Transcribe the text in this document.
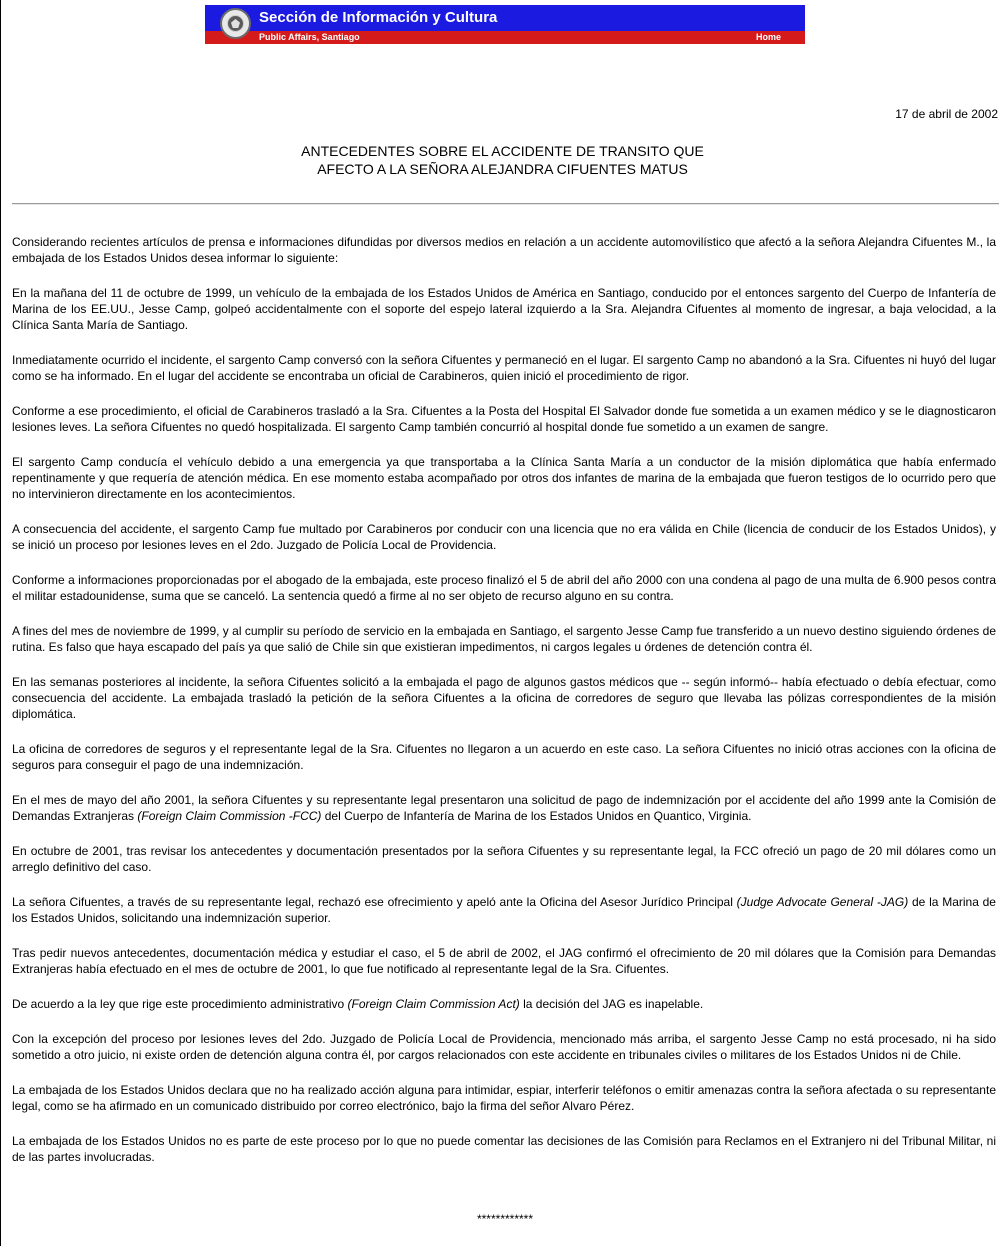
Sección de Información y Cultura
Public Affairs, Santiago	Home
17 de abril de 2002
ANTECEDENTES SOBRE EL ACCIDENTE DE TRANSITO QUE
AFECTO A LA SEÑORA ALEJANDRA CIFUENTES MATUS

Considerando recientes artículos de prensa e informaciones difundidas por diversos medios en relación a un accidente automovilístico que afectó a la señora Alejandra Cifuentes M., la embajada de los Estados Unidos desea informar lo siguiente:

En la mañana del 11 de octubre de 1999, un vehículo de la embajada de los Estados Unidos de América en Santiago, conducido por el entonces sargento del Cuerpo de Infantería de Marina de los EE.UU., Jesse Camp, golpeó accidentalmente con el soporte del espejo lateral izquierdo a la Sra. Alejandra Cifuentes al momento de ingresar, a baja velocidad, a la Clínica Santa María de Santiago.

Inmediatamente ocurrido el incidente, el sargento Camp conversó con la señora Cifuentes y permaneció en el lugar. El sargento Camp no abandonó a la Sra. Cifuentes ni huyó del lugar como se ha informado. En el lugar del accidente se encontraba un oficial de Carabineros, quien inició el procedimiento de rigor.

Conforme a ese procedimiento, el oficial de Carabineros trasladó a la Sra. Cifuentes a la Posta del Hospital El Salvador donde fue sometida a un examen médico y se le diagnosticaron lesiones leves. La señora Cifuentes no quedó hospitalizada. El sargento Camp también concurrió al hospital donde fue sometido a un examen de sangre.

El sargento Camp conducía el vehículo debido a una emergencia ya que transportaba a la Clínica Santa María a un conductor de la misión diplomática que había enfermado repentinamente y que requería de atención médica. En ese momento estaba acompañado por otros dos infantes de marina de la embajada que fueron testigos de lo ocurrido pero que no intervinieron directamente en los acontecimientos.

A consecuencia del accidente, el sargento Camp fue multado por Carabineros por conducir con una licencia que no era válida en Chile (licencia de conducir de los Estados Unidos), y se inició un proceso por lesiones leves en el 2do. Juzgado de Policía Local de Providencia.

Conforme a informaciones proporcionadas por el abogado de la embajada, este proceso finalizó el 5 de abril del año 2000 con una condena al pago de una multa de 6.900 pesos contra el militar estadounidense, suma que se canceló. La sentencia quedó a firme al no ser objeto de recurso alguno en su contra.

A fines del mes de noviembre de 1999, y al cumplir su período de servicio en la embajada en Santiago, el sargento Jesse Camp fue transferido a un nuevo destino siguiendo órdenes de rutina. Es falso que haya escapado del país ya que salió de Chile sin que existieran impedimentos, ni cargos legales u órdenes de detención contra él.

En las semanas posteriores al incidente, la señora Cifuentes solicitó a la embajada el pago de algunos gastos médicos que -- según informó-- había efectuado o debía efectuar, como consecuencia del accidente. La embajada trasladó la petición de la señora Cifuentes a la oficina de corredores de seguro que llevaba las pólizas correspondientes de la misión diplomática.

La oficina de corredores de seguros y el representante legal de la Sra. Cifuentes no llegaron a un acuerdo en este caso. La señora Cifuentes no inició otras acciones con la oficina de seguros para conseguir el pago de una indemnización.

En el mes de mayo del año 2001, la señora Cifuentes y su representante legal presentaron una solicitud de pago de indemnización por el accidente del año 1999 ante la Comisión de Demandas Extranjeras (Foreign Claim Commission -FCC) del Cuerpo de Infantería de Marina de los Estados Unidos en Quantico, Virginia.

En octubre de 2001, tras revisar los antecedentes y documentación presentados por la señora Cifuentes y su representante legal, la FCC ofreció un pago de 20 mil dólares como un arreglo definitivo del caso.

La señora Cifuentes, a través de su representante legal, rechazó ese ofrecimiento y apeló ante la Oficina del Asesor Jurídico Principal (Judge Advocate General -JAG) de la Marina de los Estados Unidos, solicitando una indemnización superior.

Tras pedir nuevos antecedentes, documentación médica y estudiar el caso, el 5 de abril de 2002, el JAG confirmó el ofrecimiento de 20 mil dólares que la Comisión para Demandas Extranjeras había efectuado en el mes de octubre de 2001, lo que fue notificado al representante legal de la Sra. Cifuentes.

De acuerdo a la ley que rige este procedimiento administrativo (Foreign Claim Commission Act) la decisión del JAG es inapelable.

Con la excepción del proceso por lesiones leves del 2do. Juzgado de Policía Local de Providencia, mencionado más arriba, el sargento Jesse Camp no está procesado, ni ha sido sometido a otro juicio, ni existe orden de detención alguna contra él, por cargos relacionados con este accidente en tribunales civiles o militares de los Estados Unidos ni de Chile.

La embajada de los Estados Unidos declara que no ha realizado acción alguna para intimidar, espiar, interferir teléfonos o emitir amenazas contra la señora afectada o su representante legal, como se ha afirmado en un comunicado distribuido por correo electrónico, bajo la firma del señor Alvaro Pérez.

La embajada de los Estados Unidos no es parte de este proceso por lo que no puede comentar las decisiones de las Comisión para Reclamos en el Extranjero ni del Tribunal Militar, ni de las partes involucradas.

************
